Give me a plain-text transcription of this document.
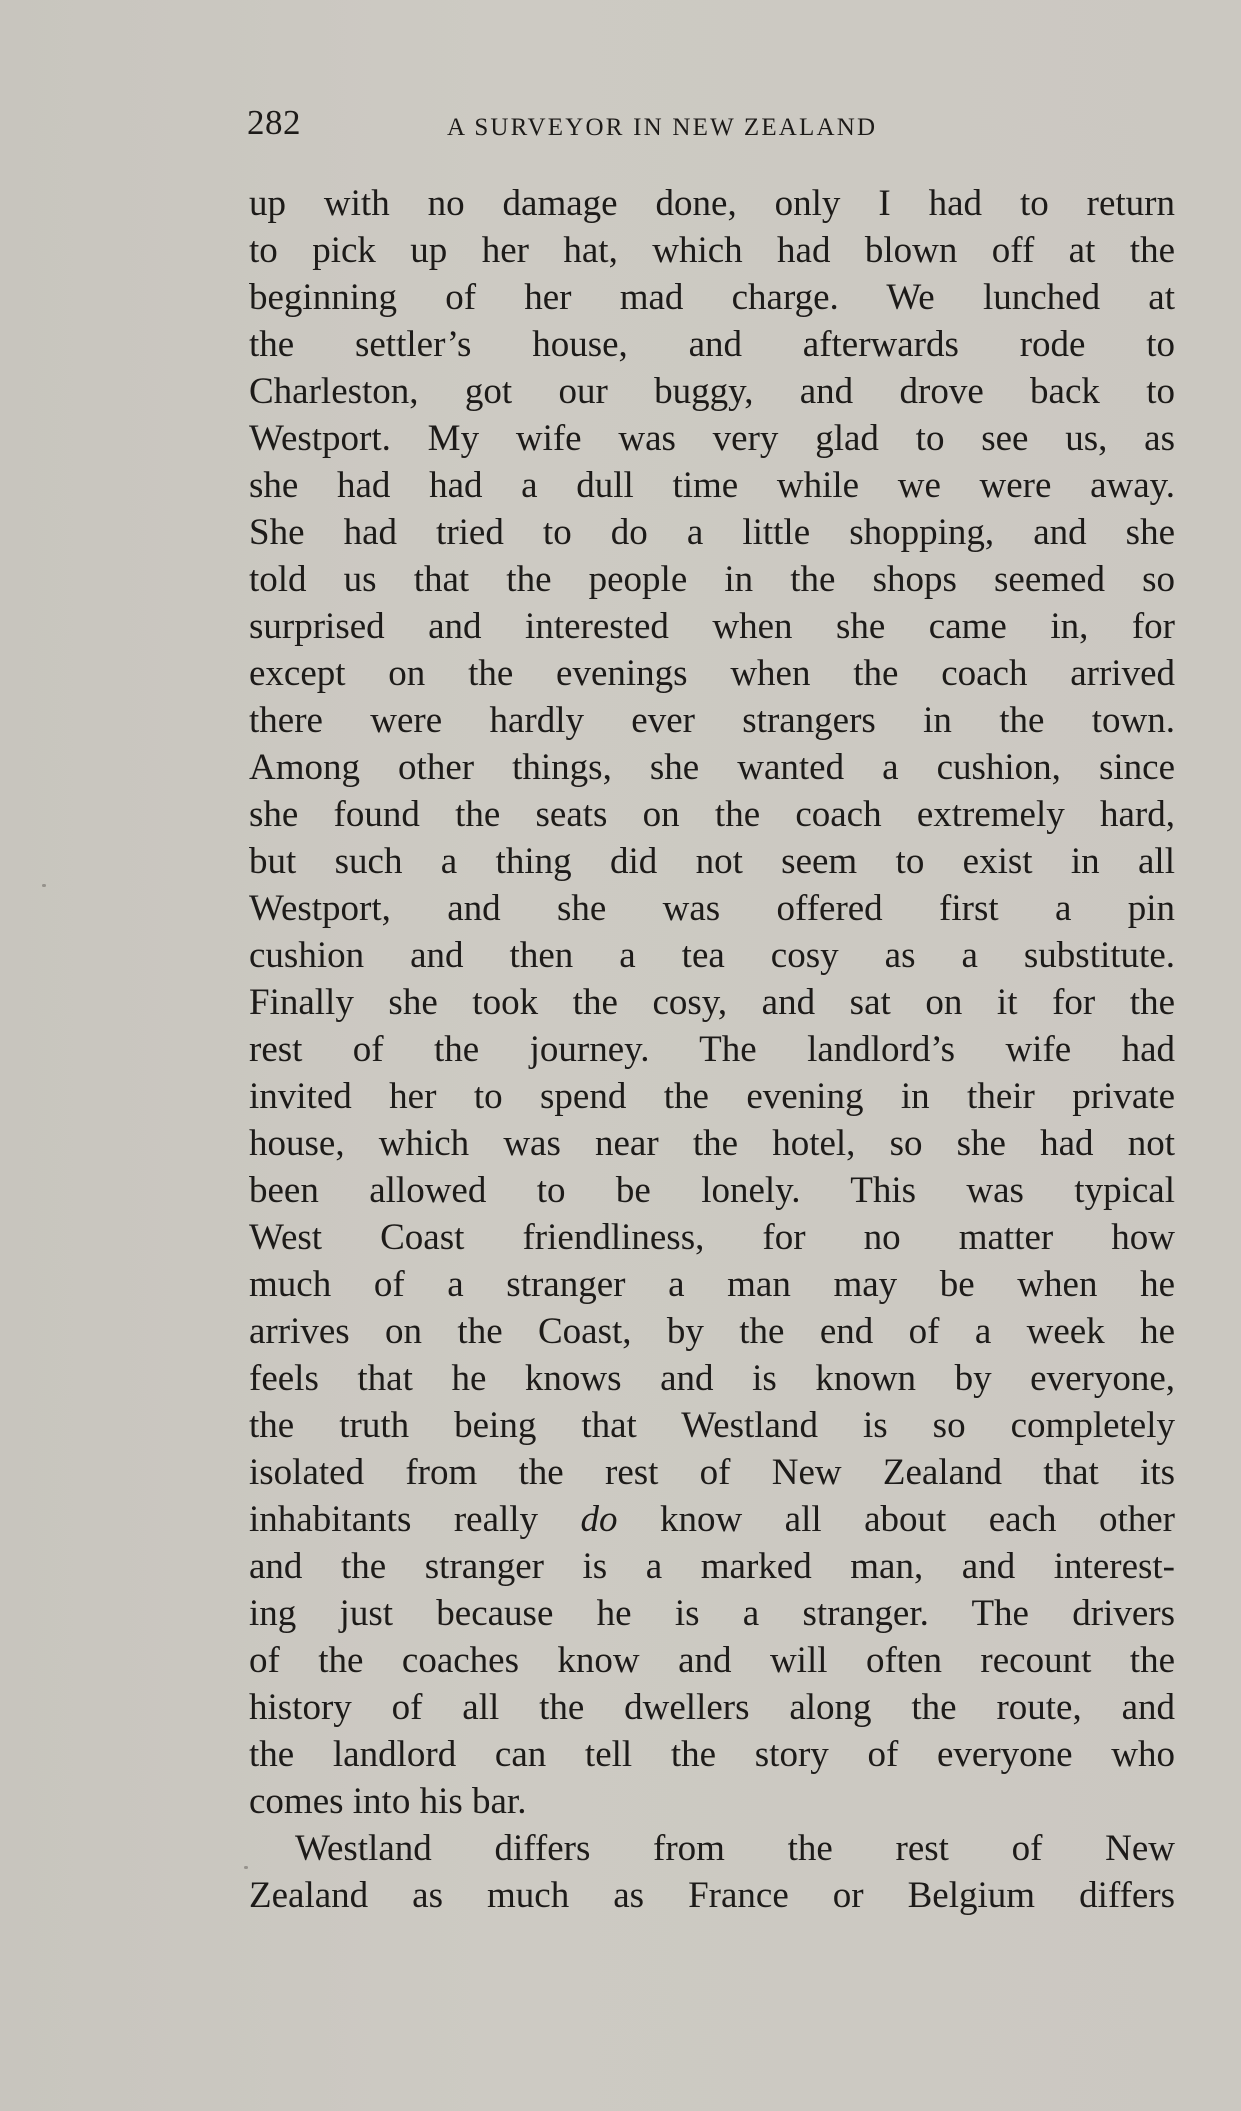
282	A SURVEYOR IN NEW ZEALAND
up with no damage done, only I had to return
to pick up her hat, which had blown off at the
beginning of her mad charge. We lunched at
the settler’s house, and afterwards rode to
Charleston, got our buggy, and drove back to
Westport. My wife was very glad to see us, as
she had had a dull time while we were away.
She had tried to do a little shopping, and she
told us that the people in the shops seemed so
surprised and interested when she came in, for
except on the evenings when the coach arrived
there were hardly ever strangers in the town.
Among other things, she wanted a cushion, since
she found the seats on the coach extremely hard,
but such a thing did not seem to exist in all
Westport, and she was offered first a pin
cushion and then a tea cosy as a substitute.
Finally she took the cosy, and sat on it for the
rest of the journey. The landlord’s wife had
invited her to spend the evening in their private
house, which was near the hotel, so she had not
been allowed to be lonely. This was typical
West Coast friendliness, for no matter how
much of a stranger a man may be when he
arrives on the Coast, by the end of a week he
feels that he knows and is known by everyone,
the truth being that Westland is so completely
isolated from the rest of New Zealand that its
inhabitants really do know all about each other
and the stranger is a marked man, and interest-
ing just because he is a stranger. The drivers
of the coaches know and will often recount the
history of all the dwellers along the route, and
the landlord can tell the story of everyone who
comes into his bar.
Westland differs from the rest of New
Zealand as much as France or Belgium differs
